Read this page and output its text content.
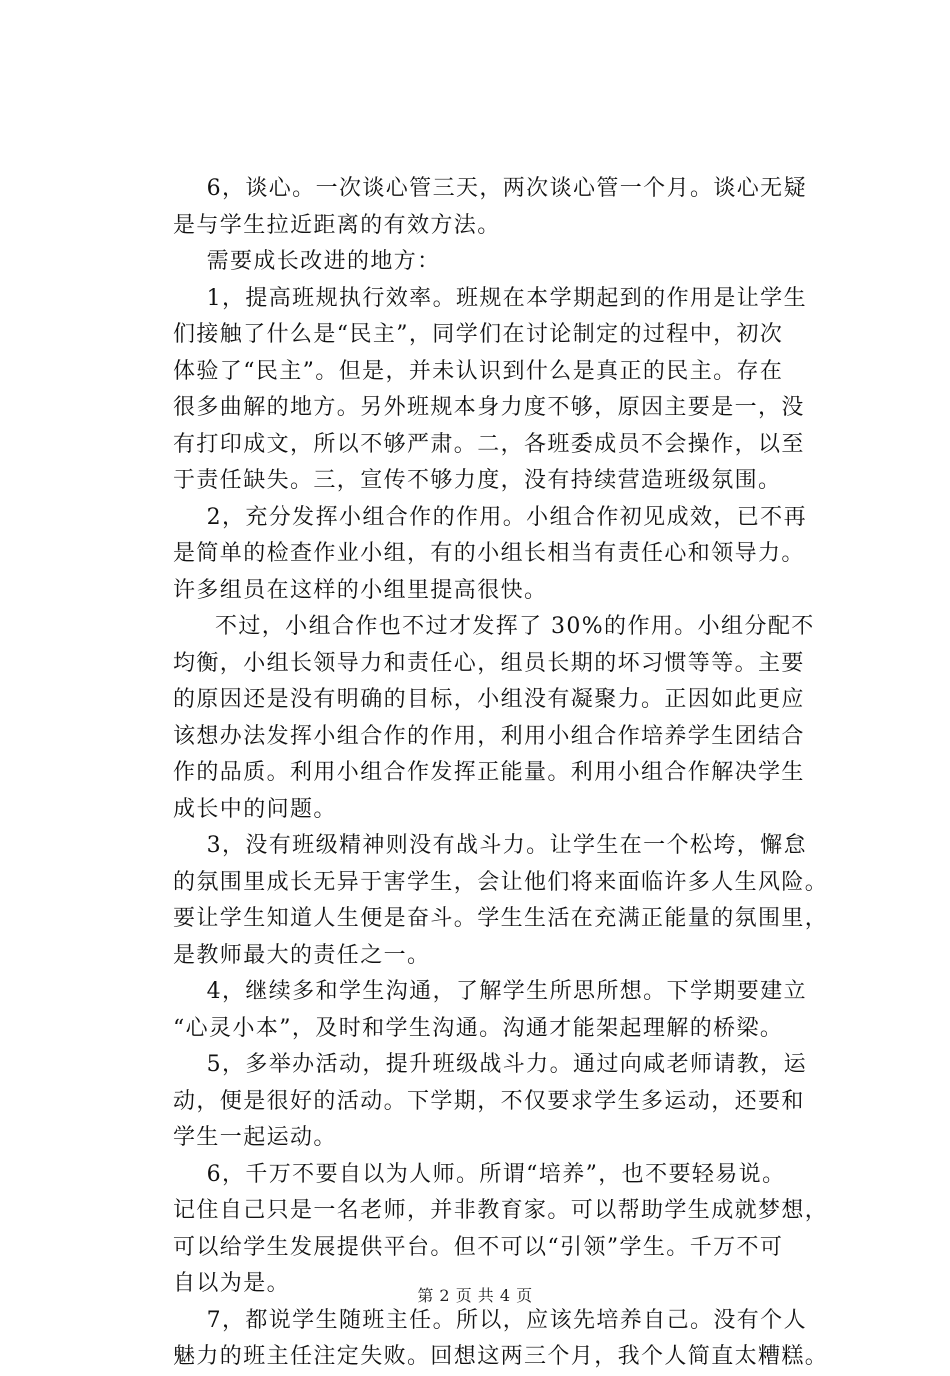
6，谈心。一次谈心管三天，两次谈心管一个月。谈心无疑
是与学生拉近距离的有效方法。
需要成长改进的地方：
1，提高班规执行效率。班规在本学期起到的作用是让学生
们接触了什么是“民主”，同学们在讨论制定的过程中，初次
体验了“民主”。但是，并未认识到什么是真正的民主。存在
很多曲解的地方。另外班规本身力度不够，原因主要是一，没
有打印成文，所以不够严肃。二，各班委成员不会操作，以至
于责任缺失。三，宣传不够力度，没有持续营造班级氛围。
2，充分发挥小组合作的作用。小组合作初见成效，已不再
是简单的检查作业小组，有的小组长相当有责任心和领导力。
许多组员在这样的小组里提高很快。
不过，小组合作也不过才发挥了 30%的作用。小组分配不
均衡，小组长领导力和责任心，组员长期的坏习惯等等。主要
的原因还是没有明确的目标，小组没有凝聚力。正因如此更应
该想办法发挥小组合作的作用，利用小组合作培养学生团结合
作的品质。利用小组合作发挥正能量。利用小组合作解决学生
成长中的问题。
3，没有班级精神则没有战斗力。让学生在一个松垮，懈怠
的氛围里成长无异于害学生，会让他们将来面临许多人生风险。
要让学生知道人生便是奋斗。学生生活在充满正能量的氛围里，
是教师最大的责任之一。
4，继续多和学生沟通，了解学生所思所想。下学期要建立
“心灵小本”，及时和学生沟通。沟通才能架起理解的桥梁。
5，多举办活动，提升班级战斗力。通过向咸老师请教，运
动，便是很好的活动。下学期，不仅要求学生多运动，还要和
学生一起运动。
6，千万不要自以为人师。所谓“培养”，也不要轻易说。
记住自己只是一名老师，并非教育家。可以帮助学生成就梦想，
可以给学生发展提供平台。但不可以“引领”学生。千万不可
自以为是。
7，都说学生随班主任。所以，应该先培养自己。没有个人
魅力的班主任注定失败。回想这两三个月，我个人简直太糟糕。
第 2 页 共 4 页
